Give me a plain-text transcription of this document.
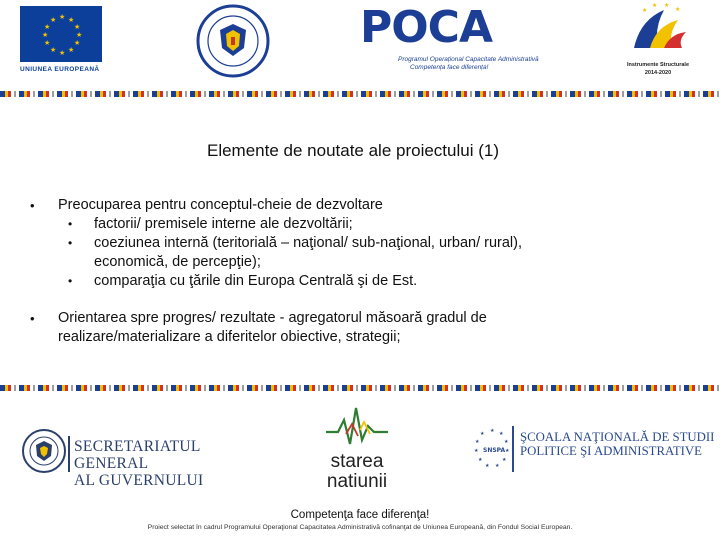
★ ★
★
★
★
★
★
★
★
★
★
★
UNIUNEA EUROPEANĂ
POCA
Programul Operațional Capacitate Administrativă
Competența face diferența!
★
★ ★
★
Instrumente Structurale
2014-2020
Elemente de noutate ale proiectului (1)
• Preocuparea pentru conceptul-cheie de dezvoltare
• factorii/ premisele interne ale dezvoltării;
• coeziunea internă (teritorială – naţional/ sub-naţional, urban/ rural),
economică, de percepţie);
• comparaţia cu ţările din Europa Centrală şi de Est.
• Orientarea spre progres/ rezultate - agregatorul măsoară gradul de
realizare/materializare a diferitelor obiective, strategii;
SECRETARIATUL GENERAL
AL GUVERNULUI
starea
natiunii
★ ★
★
★
★
★
★
★
★
★
★
SNSPA
ŞCOALA NAŢIONALĂ DE STUDII
POLITICE ŞI ADMINISTRATIVE
Competenţa face diferenţa!
Proiect selectat în cadrul Programului Operaţional Capacitatea Administrativă cofinanţat de Uniunea Europeană, din Fondul Social European.
